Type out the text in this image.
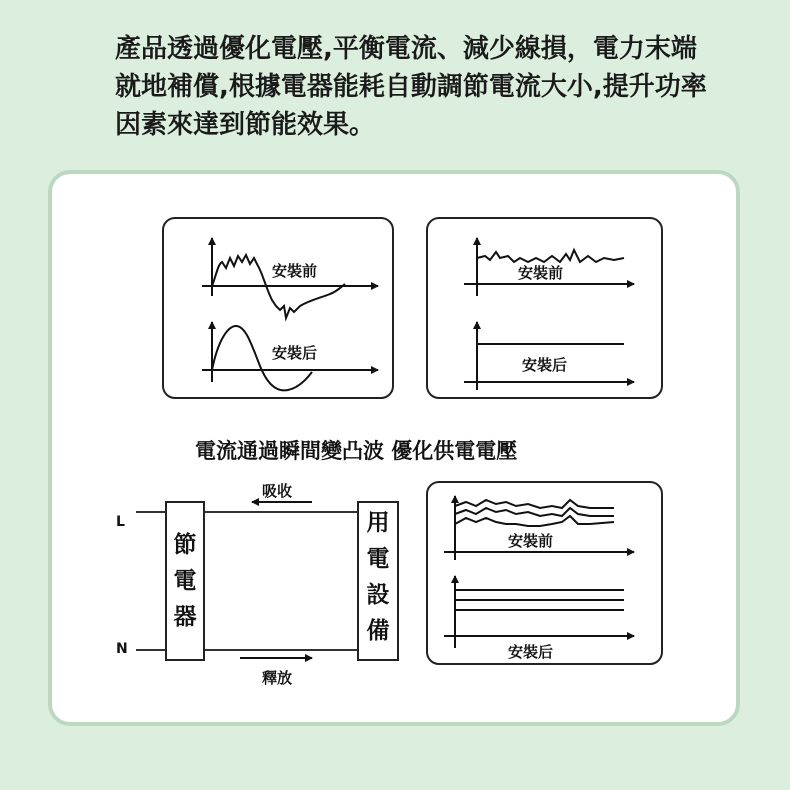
產品透過優化電壓,平衡電流、減少線損，電力末端就地補償,根據電器能耗自動調節電流大小,提升功率因素來達到節能效果。

安裝前
安裝后
安裝前
安裝后
電流通過瞬間變凸波 優化供電電壓
L
N
節
電
器
用
電
設
備
吸收
釋放
安裝前
安裝后
